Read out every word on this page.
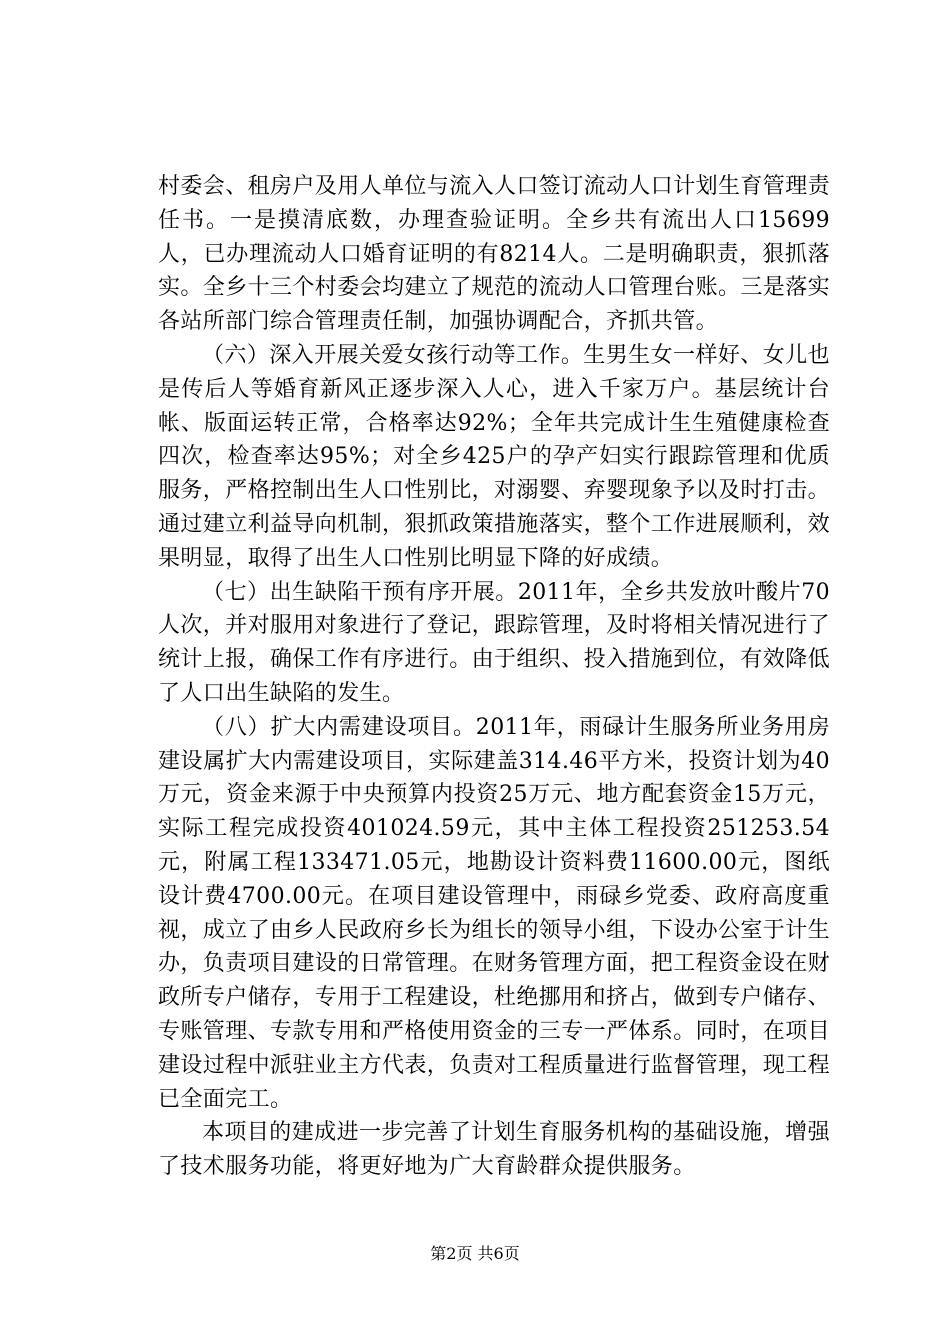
村委会、租房户及用人单位与流入人口签订流动人口计划生育管理责任书。一是摸清底数，办理查验证明。全乡共有流出人口15699人，已办理流动人口婚育证明的有8214人。二是明确职责，狠抓落实。全乡十三个村委会均建立了规范的流动人口管理台账。三是落实各站所部门综合管理责任制，加强协调配合，齐抓共管。

（六）深入开展关爱女孩行动等工作。生男生女一样好、女儿也是传后人等婚育新风正逐步深入人心，进入千家万户。基层统计台帐、版面运转正常，合格率达92%；全年共完成计生生殖健康检查四次，检查率达95%；对全乡425户的孕产妇实行跟踪管理和优质服务，严格控制出生人口性别比，对溺婴、弃婴现象予以及时打击。通过建立利益导向机制，狠抓政策措施落实，整个工作进展顺利，效果明显，取得了出生人口性别比明显下降的好成绩。

（七）出生缺陷干预有序开展。2011年，全乡共发放叶酸片70人次，并对服用对象进行了登记，跟踪管理，及时将相关情况进行了统计上报，确保工作有序进行。由于组织、投入措施到位，有效降低了人口出生缺陷的发生。

（八）扩大内需建设项目。2011年，雨碌计生服务所业务用房建设属扩大内需建设项目，实际建盖314.46平方米，投资计划为40万元，资金来源于中央预算内投资25万元、地方配套资金15万元，实际工程完成投资401024.59元，其中主体工程投资251253.54元，附属工程133471.05元，地勘设计资料费11600.00元，图纸设计费4700.00元。在项目建设管理中，雨碌乡党委、政府高度重视，成立了由乡人民政府乡长为组长的领导小组，下设办公室于计生办，负责项目建设的日常管理。在财务管理方面，把工程资金设在财政所专户储存，专用于工程建设，杜绝挪用和挤占，做到专户储存、专账管理、专款专用和严格使用资金的三专一严体系。同时，在项目建设过程中派驻业主方代表，负责对工程质量进行监督管理，现工程已全面完工。

本项目的建成进一步完善了计划生育服务机构的基础设施，增强了技术服务功能，将更好地为广大育龄群众提供服务。

第2页 共6页
